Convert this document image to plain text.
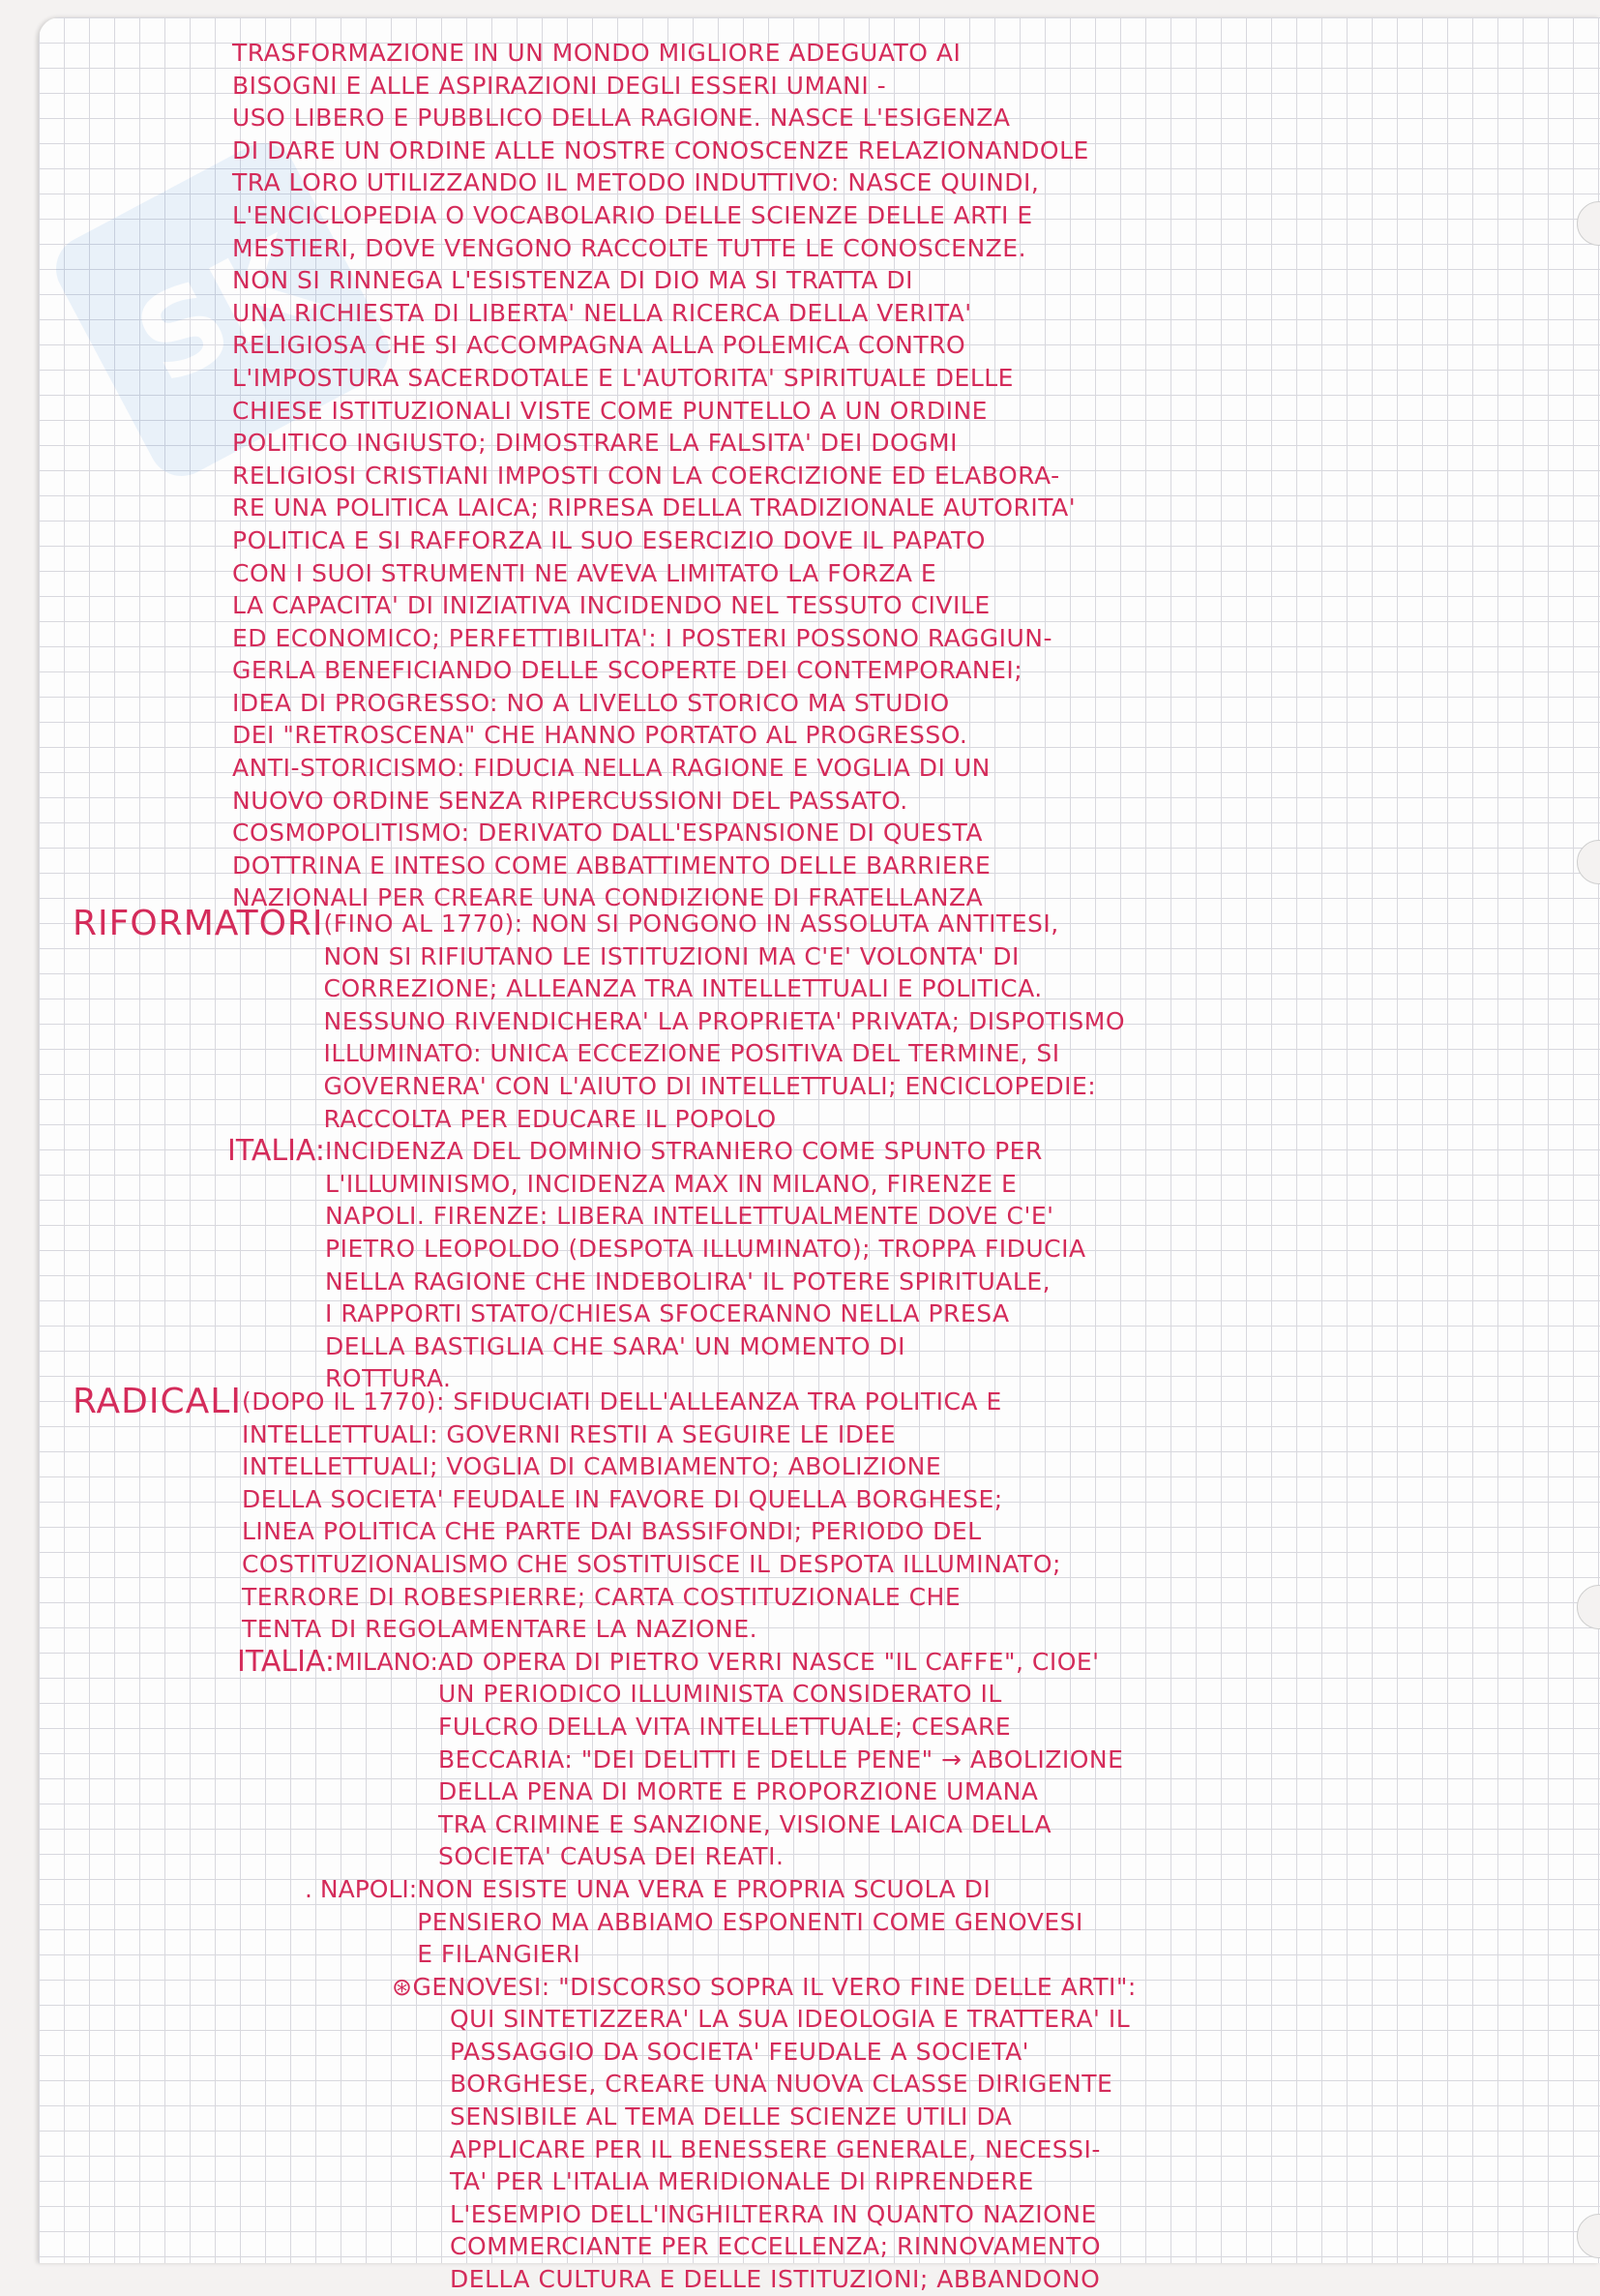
SK
TRASFORMAZIONE IN UN MONDO MIGLIORE ADEGUATO AI
BISOGNI E ALLE ASPIRAZIONI DEGLI ESSERI UMANI -
USO LIBERO E PUBBLICO DELLA RAGIONE. NASCE L'ESIGENZA
DI DARE UN ORDINE ALLE NOSTRE CONOSCENZE RELAZIONANDOLE
TRA LORO UTILIZZANDO IL METODO INDUTTIVO: NASCE QUINDI,
L'ENCICLOPEDIA O VOCABOLARIO DELLE SCIENZE DELLE ARTI E
MESTIERI, DOVE VENGONO RACCOLTE TUTTE LE CONOSCENZE.
NON SI RINNEGA L'ESISTENZA DI DIO MA SI TRATTA DI
UNA RICHIESTA DI LIBERTA' NELLA RICERCA DELLA VERITA'
RELIGIOSA CHE SI ACCOMPAGNA ALLA POLEMICA CONTRO
L'IMPOSTURA SACERDOTALE E L'AUTORITA' SPIRITUALE DELLE
CHIESE ISTITUZIONALI VISTE COME PUNTELLO A UN ORDINE
POLITICO INGIUSTO; DIMOSTRARE LA FALSITA' DEI DOGMI
RELIGIOSI CRISTIANI IMPOSTI CON LA COERCIZIONE ED ELABORA-
RE UNA POLITICA LAICA; RIPRESA DELLA TRADIZIONALE AUTORITA'
POLITICA E SI RAFFORZA IL SUO ESERCIZIO DOVE IL PAPATO
CON I SUOI STRUMENTI NE AVEVA LIMITATO LA FORZA E
LA CAPACITA' DI INIZIATIVA INCIDENDO NEL TESSUTO CIVILE
ED ECONOMICO; PERFETTIBILITA': I POSTERI POSSONO RAGGIUN-
GERLA BENEFICIANDO DELLE SCOPERTE DEI CONTEMPORANEI;
IDEA DI PROGRESSO: NO A LIVELLO STORICO MA STUDIO
DEI "RETROSCENA" CHE HANNO PORTATO AL PROGRESSO.
ANTI-STORICISMO: FIDUCIA NELLA RAGIONE E VOGLIA DI UN
NUOVO ORDINE SENZA RIPERCUSSIONI DEL PASSATO.
COSMOPOLITISMO: DERIVATO DALL'ESPANSIONE DI QUESTA
DOTTRINA E INTESO COME ABBATTIMENTO DELLE BARRIERE
NAZIONALI PER CREARE UNA CONDIZIONE DI FRATELLANZA
RIFORMATORI (FINO AL 1770): NON SI PONGONO IN ASSOLUTA ANTITESI,
NON SI RIFIUTANO LE ISTITUZIONI MA C'E' VOLONTA' DI
CORREZIONE; ALLEANZA TRA INTELLETTUALI E POLITICA.
NESSUNO RIVENDICHERA' LA PROPRIETA' PRIVATA; DISPOTISMO
ILLUMINATO: UNICA ECCEZIONE POSITIVA DEL TERMINE, SI
GOVERNERA' CON L'AIUTO DI INTELLETTUALI; ENCICLOPEDIE:
RACCOLTA PER EDUCARE IL POPOLO
ITALIA: INCIDENZA DEL DOMINIO STRANIERO COME SPUNTO PER
L'ILLUMINISMO, INCIDENZA MAX IN MILANO, FIRENZE E
NAPOLI. FIRENZE: LIBERA INTELLETTUALMENTE DOVE C'E'
PIETRO LEOPOLDO (DESPOTA ILLUMINATO); TROPPA FIDUCIA
NELLA RAGIONE CHE INDEBOLIRA' IL POTERE SPIRITUALE,
I RAPPORTI STATO/CHIESA SFOCERANNO NELLA PRESA
DELLA BASTIGLIA CHE SARA' UN MOMENTO DI
ROTTURA.
RADICALI (DOPO IL 1770): SFIDUCIATI DELL'ALLEANZA TRA POLITICA E
INTELLETTUALI: GOVERNI RESTII A SEGUIRE LE IDEE
INTELLETTUALI; VOGLIA DI CAMBIAMENTO; ABOLIZIONE
DELLA SOCIETA' FEUDALE IN FAVORE DI QUELLA BORGHESE;
LINEA POLITICA CHE PARTE DAI BASSIFONDI; PERIODO DEL
COSTITUZIONALISMO CHE SOSTITUISCE IL DESPOTA ILLUMINATO;
TERRORE DI ROBESPIERRE; CARTA COSTITUZIONALE CHE
TENTA DI REGOLAMENTARE LA NAZIONE.
ITALIA: MILANO: AD OPERA DI PIETRO VERRI NASCE "IL CAFFE", CIOE'
UN PERIODICO ILLUMINISTA CONSIDERATO IL
FULCRO DELLA VITA INTELLETTUALE; CESARE
BECCARIA: "DEI DELITTI E DELLE PENE" → ABOLIZIONE
DELLA PENA DI MORTE E PROPORZIONE UMANA
TRA CRIMINE E SANZIONE, VISIONE LAICA DELLA
SOCIETA' CAUSA DEI REATI.
. NAPOLI: NON ESISTE UNA VERA E PROPRIA SCUOLA DI
PENSIERO MA ABBIAMO ESPONENTI COME GENOVESI
E FILANGIERI
⊛GENOVESI: "DISCORSO SOPRA IL VERO FINE DELLE ARTI":
QUI SINTETIZZERA' LA SUA IDEOLOGIA E TRATTERA' IL
PASSAGGIO DA SOCIETA' FEUDALE A SOCIETA'
BORGHESE, CREARE UNA NUOVA CLASSE DIRIGENTE
SENSIBILE AL TEMA DELLE SCIENZE UTILI DA
APPLICARE PER IL BENESSERE GENERALE, NECESSI-
TA' PER L'ITALIA MERIDIONALE DI RIPRENDERE
L'ESEMPIO DELL'INGHILTERRA IN QUANTO NAZIONE
COMMERCIANTE PER ECCELLENZA; RINNOVAMENTO
DELLA CULTURA E DELLE ISTITUZIONI; ABBANDONO
